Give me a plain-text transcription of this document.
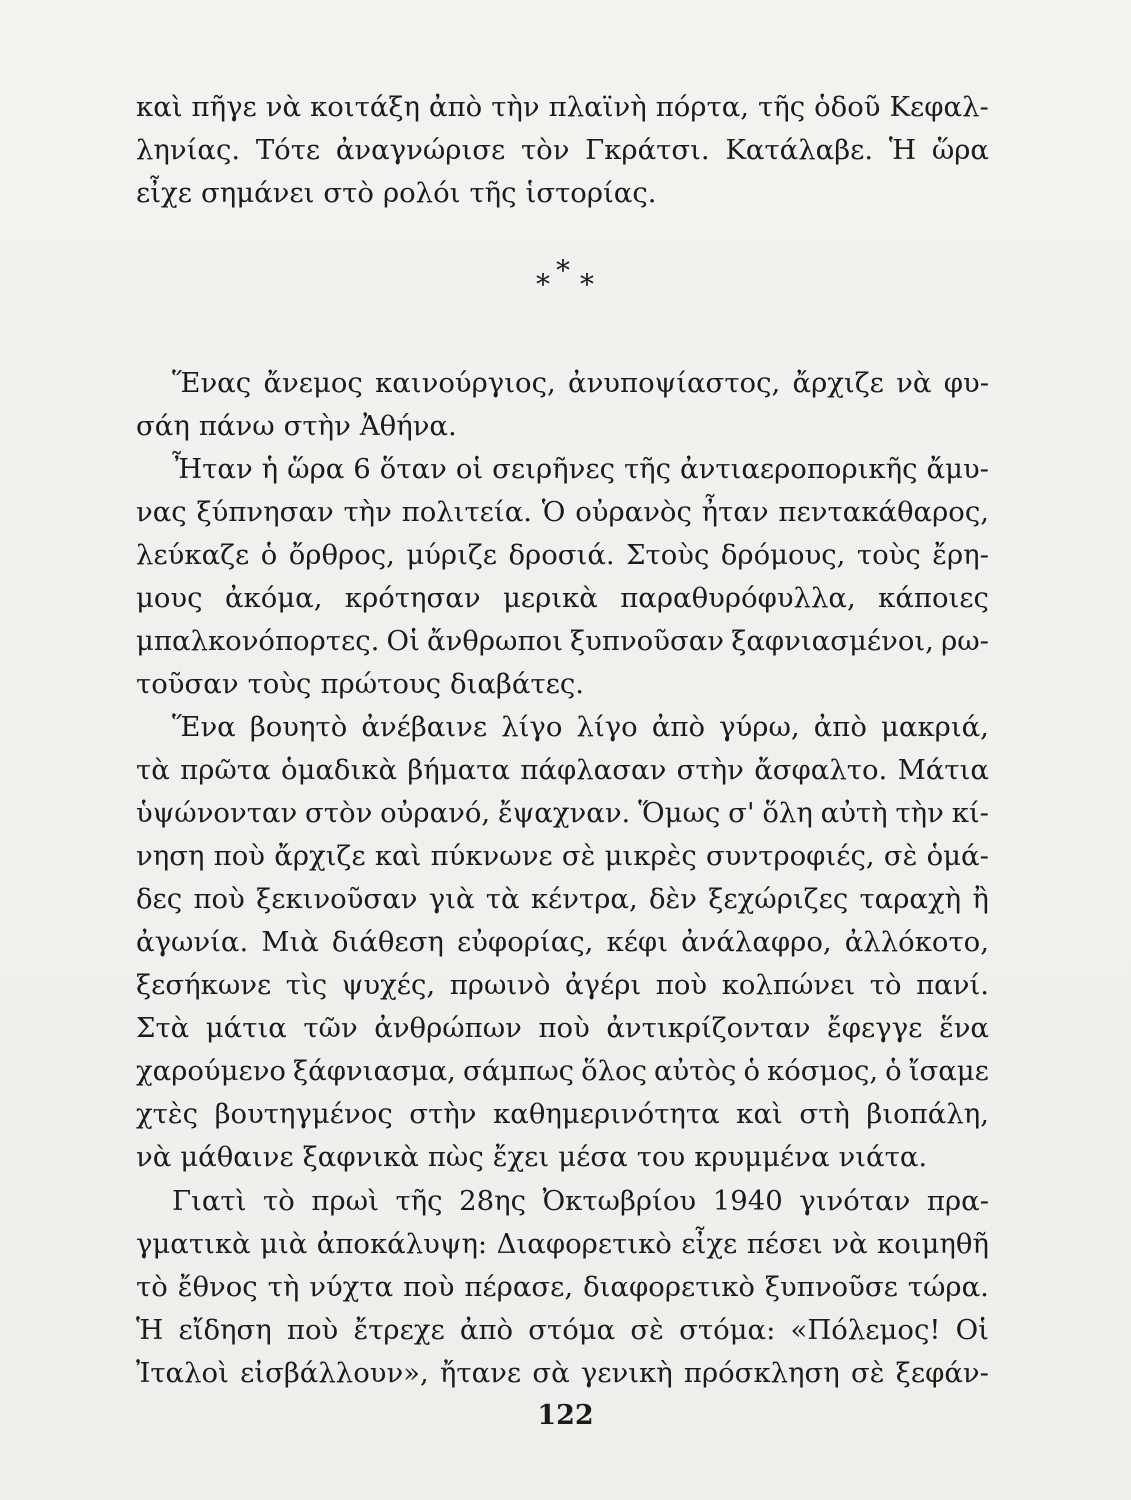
καὶ πῆγε νὰ κοιτάξη ἀπὸ τὴν πλαϊνὴ πόρτα, τῆς ὁδοῦ Κεφαλ-
ληνίας. Τότε ἀναγνώρισε τὸν Γκράτσι. Κατάλαβε. Ἡ ὥρα
εἶχε σημάνει στὸ ρολόι τῆς ἱστορίας.
* * *
Ἕνας ἄνεμος καινούργιος, ἀνυποψίαστος, ἄρχιζε νὰ φυ-
σάη πάνω στὴν Ἀθήνα.
Ἦταν ἡ ὥρα 6 ὅταν οἱ σειρῆνες τῆς ἀντιαεροπορικῆς ἄμυ-
νας ξύπνησαν τὴν πολιτεία. Ὁ οὐρανὸς ἦταν πεντακάθαρος,
λεύκαζε ὁ ὄρθρος, μύριζε δροσιά. Στοὺς δρόμους, τοὺς ἔρη-
μους ἀκόμα, κρότησαν μερικὰ παραθυρόφυλλα, κάποιες
μπαλκονόπορτες. Οἱ ἄνθρωποι ξυπνοῦσαν ξαφνιασμένοι, ρω-
τοῦσαν τοὺς πρώτους διαβάτες.
Ἕνα βουητὸ ἀνέβαινε λίγο λίγο ἀπὸ γύρω, ἀπὸ μακριά,
τὰ πρῶτα ὁμαδικὰ βήματα πάφλασαν στὴν ἄσφαλτο. Μάτια
ὑψώνονταν στὸν οὐρανό, ἔψαχναν. Ὅμως σ' ὅλη αὐτὴ τὴν κί-
νηση ποὺ ἄρχιζε καὶ πύκνωνε σὲ μικρὲς συντροφιές, σὲ ὁμά-
δες ποὺ ξεκινοῦσαν γιὰ τὰ κέντρα, δὲν ξεχώριζες ταραχὴ ἢ
ἀγωνία. Μιὰ διάθεση εὐφορίας, κέφι ἀνάλαφρο, ἀλλόκοτο,
ξεσήκωνε τὶς ψυχές, πρωινὸ ἀγέρι ποὺ κολπώνει τὸ πανί.
Στὰ μάτια τῶν ἀνθρώπων ποὺ ἀντικρίζονταν ἔφεγγε ἕνα
χαρούμενο ξάφνιασμα, σάμπως ὅλος αὐτὸς ὁ κόσμος, ὁ ἴσαμε
χτὲς βουτηγμένος στὴν καθημερινότητα καὶ στὴ βιοπάλη,
νὰ μάθαινε ξαφνικὰ πὼς ἔχει μέσα του κρυμμένα νιάτα.
Γιατὶ τὸ πρωὶ τῆς 28ης Ὀκτωβρίου 1940 γινόταν πρα-
γματικὰ μιὰ ἀποκάλυψη: Διαφορετικὸ εἶχε πέσει νὰ κοιμηθῆ
τὸ ἔθνος τὴ νύχτα ποὺ πέρασε, διαφορετικὸ ξυπνοῦσε τώρα.
Ἡ εἴδηση ποὺ ἔτρεχε ἀπὸ στόμα σὲ στόμα: «Πόλεμος! Οἱ
Ἰταλοὶ εἰσβάλλουν», ἤτανε σὰ γενικὴ πρόσκληση σὲ ξεφάν-
122
